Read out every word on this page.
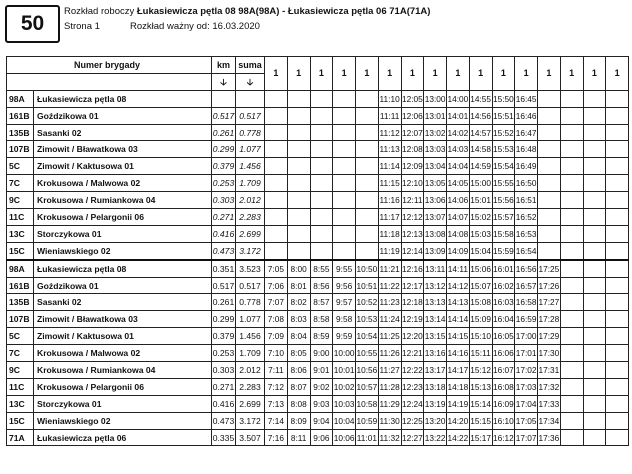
50
Rozkład roboczy Łukasiewicza pętla 08 98A(98A) - Łukasiewicza pętla 06 71A(71A)
Strona 1	Rozkład ważny od: 16.03.2020
Numer brygady		km	suma	1	1	1	1	1	1	1	1	1	1	1	1	1	1	1	1
		🡣	🡣																
98A	Łukasiewicza pętla 08								11:10	12:05	13:00	14:00	14:55	15:50	16:45				
161B	Goździkowa 01	0.517	0.517						11:11	12:06	13:01	14:01	14:56	15:51	16:46				
135B	Sasanki 02	0.261	0.778						11:12	12:07	13:02	14:02	14:57	15:52	16:47				
107B	Zimowit / Bławatkowa 03	0.299	1.077						11:13	12:08	13:03	14:03	14:58	15:53	16:48				
5C	Zimowit / Kaktusowa 01	0.379	1.456						11:14	12:09	13:04	14:04	14:59	15:54	16:49				
7C	Krokusowa / Malwowa 02	0.253	1.709						11:15	12:10	13:05	14:05	15:00	15:55	16:50				
9C	Krokusowa / Rumiankowa 04	0.303	2.012						11:16	12:11	13:06	14:06	15:01	15:56	16:51				
11C	Krokusowa / Pelargonii 06	0.271	2.283						11:17	12:12	13:07	14:07	15:02	15:57	16:52				
13C	Storczykowa 01	0.416	2.699						11:18	12:13	13:08	14:08	15:03	15:58	16:53				
15C	Wieniawskiego 02	0.473	3.172						11:19	12:14	13:09	14:09	15:04	15:59	16:54				
98A	Łukasiewicza pętla 08	0.351	3.523	7:05	8:00	8:55	9:55	10:50	11:21	12:16	13:11	14:11	15:06	16:01	16:56	17:25			
161B	Goździkowa 01	0.517	0.517	7:06	8:01	8:56	9:56	10:51	11:22	12:17	13:12	14:12	15:07	16:02	16:57	17:26			
135B	Sasanki 02	0.261	0.778	7:07	8:02	8:57	9:57	10:52	11:23	12:18	13:13	14:13	15:08	16:03	16:58	17:27			
107B	Zimowit / Bławatkowa 03	0.299	1.077	7:08	8:03	8:58	9:58	10:53	11:24	12:19	13:14	14:14	15:09	16:04	16:59	17:28			
5C	Zimowit / Kaktusowa 01	0.379	1.456	7:09	8:04	8:59	9:59	10:54	11:25	12:20	13:15	14:15	15:10	16:05	17:00	17:29			
7C	Krokusowa / Malwowa 02	0.253	1.709	7:10	8:05	9:00	10:00	10:55	11:26	12:21	13:16	14:16	15:11	16:06	17:01	17:30			
9C	Krokusowa / Rumiankowa 04	0.303	2.012	7:11	8:06	9:01	10:01	10:56	11:27	12:22	13:17	14:17	15:12	16:07	17:02	17:31			
11C	Krokusowa / Pelargonii 06	0.271	2.283	7:12	8:07	9:02	10:02	10:57	11:28	12:23	13:18	14:18	15:13	16:08	17:03	17:32			
13C	Storczykowa 01	0.416	2.699	7:13	8:08	9:03	10:03	10:58	11:29	12:24	13:19	14:19	15:14	16:09	17:04	17:33			
15C	Wieniawskiego 02	0.473	3.172	7:14	8:09	9:04	10:04	10:59	11:30	12:25	13:20	14:20	15:15	16:10	17:05	17:34			
71A	Łukasiewicza pętla 06	0.335	3.507	7:16	8:11	9:06	10:06	11:01	11:32	12:27	13:22	14:22	15:17	16:12	17:07	17:36			
